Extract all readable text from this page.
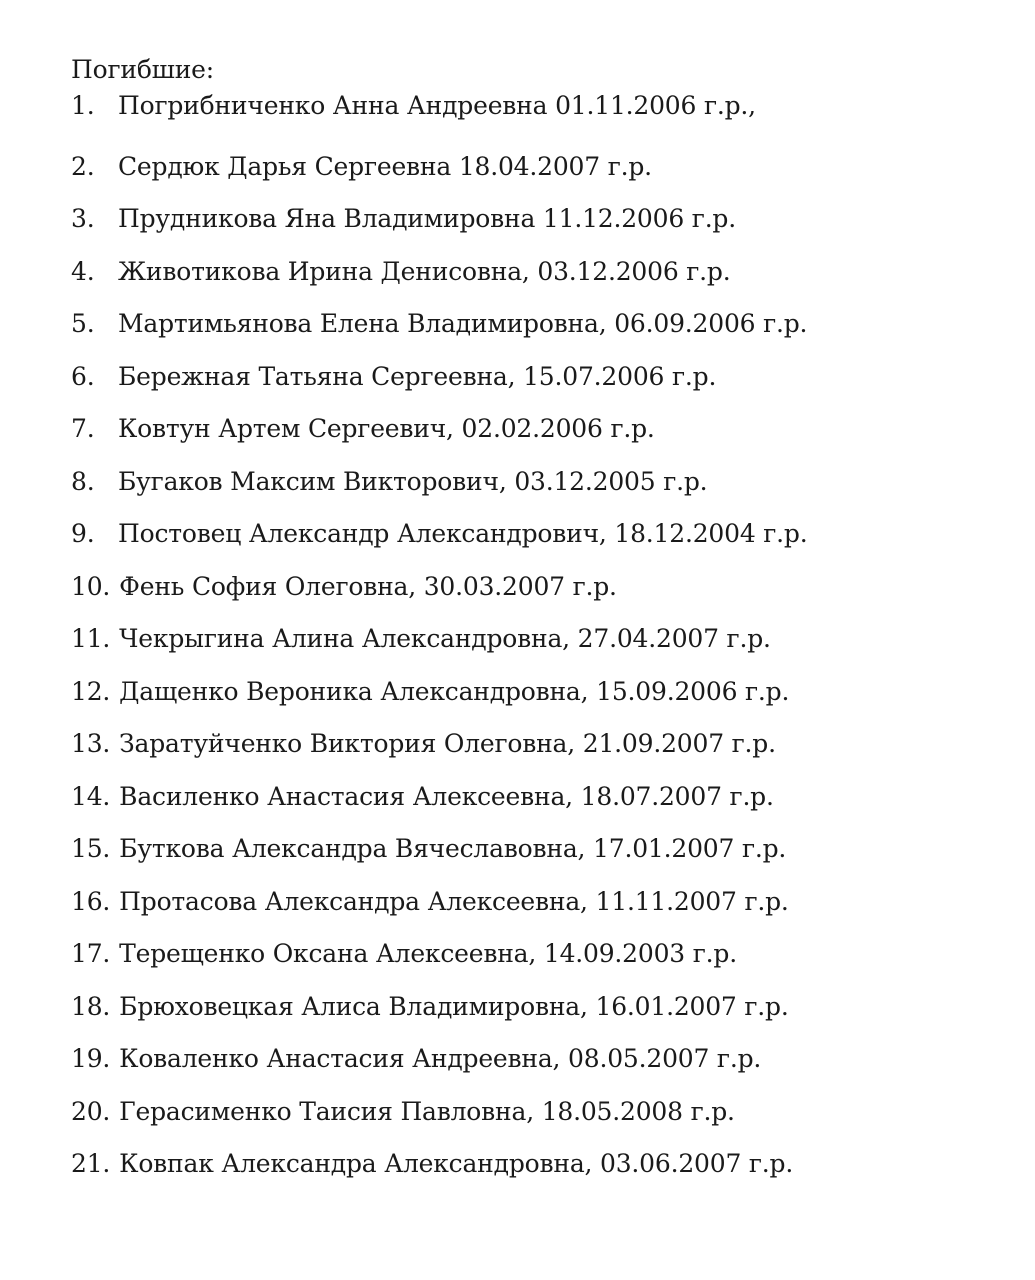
Погибшие:
1. Погрибниченко Анна Андреевна 01.11.2006 г.р.,
2. Сердюк Дарья Сергеевна 18.04.2007 г.р.
3. Прудникова Яна Владимировна 11.12.2006 г.р.
4. Животикова Ирина Денисовна, 03.12.2006 г.р.
5. Мартимьянова Елена Владимировна, 06.09.2006 г.р.
6. Бережная Татьяна Сергеевна, 15.07.2006 г.р.
7. Ковтун Артем Сергеевич, 02.02.2006 г.р.
8. Бугаков Максим Викторович, 03.12.2005 г.р.
9. Постовец Александр Александрович, 18.12.2004 г.р.
10. Фень София Олеговна, 30.03.2007 г.р.
11. Чекрыгина Алина Александровна, 27.04.2007 г.р.
12. Дащенко Вероника Александровна, 15.09.2006 г.р.
13. Заратуйченко Виктория Олеговна, 21.09.2007 г.р.
14. Василенко Анастасия Алексеевна, 18.07.2007 г.р.
15. Буткова Александра Вячеславовна, 17.01.2007 г.р.
16. Протасова Александра Алексеевна, 11.11.2007 г.р.
17. Терещенко Оксана Алексеевна, 14.09.2003 г.р.
18. Брюховецкая Алиса Владимировна, 16.01.2007 г.р.
19. Коваленко Анастасия Андреевна, 08.05.2007 г.р.
20. Герасименко Таисия Павловна, 18.05.2008 г.р.
21. Ковпак Александра Александровна, 03.06.2007 г.р.
